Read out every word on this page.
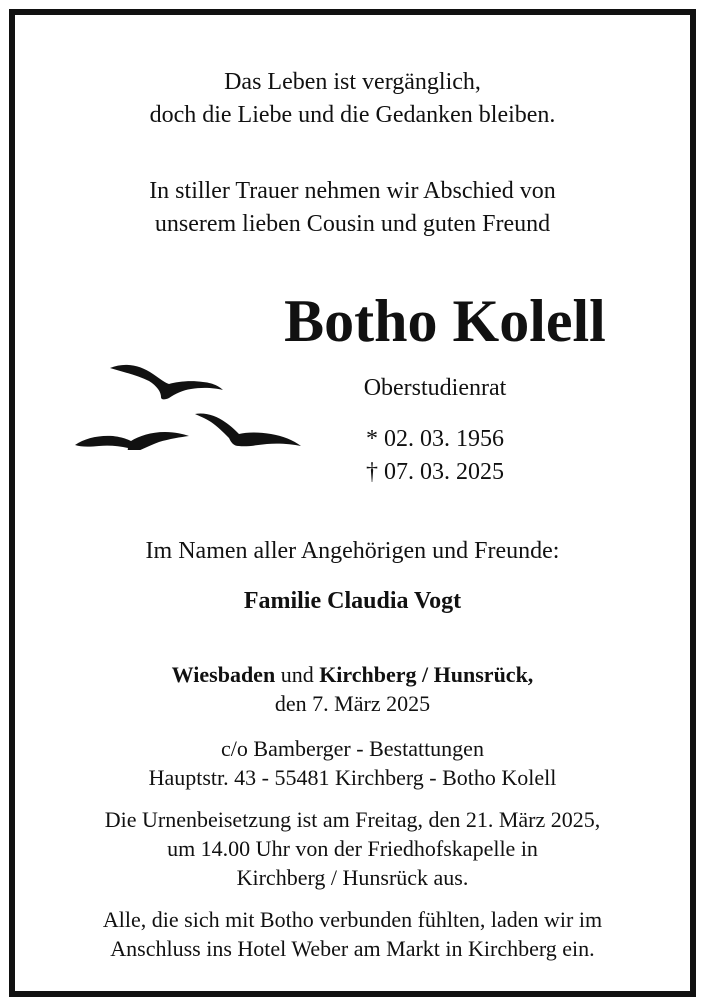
Das Leben ist vergänglich,
doch die Liebe und die Gedanken bleiben.
In stiller Trauer nehmen wir Abschied von
unserem lieben Cousin und guten Freund
Botho Kolell
Oberstudienrat
* 02. 03. 1956
† 07. 03. 2025
Im Namen aller Angehörigen und Freunde:
Familie Claudia Vogt
Wiesbaden und Kirchberg / Hunsrück,
den 7. März 2025
c/o Bamberger - Bestattungen
Hauptstr. 43 - 55481 Kirchberg - Botho Kolell
Die Urnenbeisetzung ist am Freitag, den 21. März 2025,
um 14.00 Uhr von der Friedhofskapelle in
Kirchberg / Hunsrück aus.
Alle, die sich mit Botho verbunden fühlten, laden wir im
Anschluss ins Hotel Weber am Markt in Kirchberg ein.
